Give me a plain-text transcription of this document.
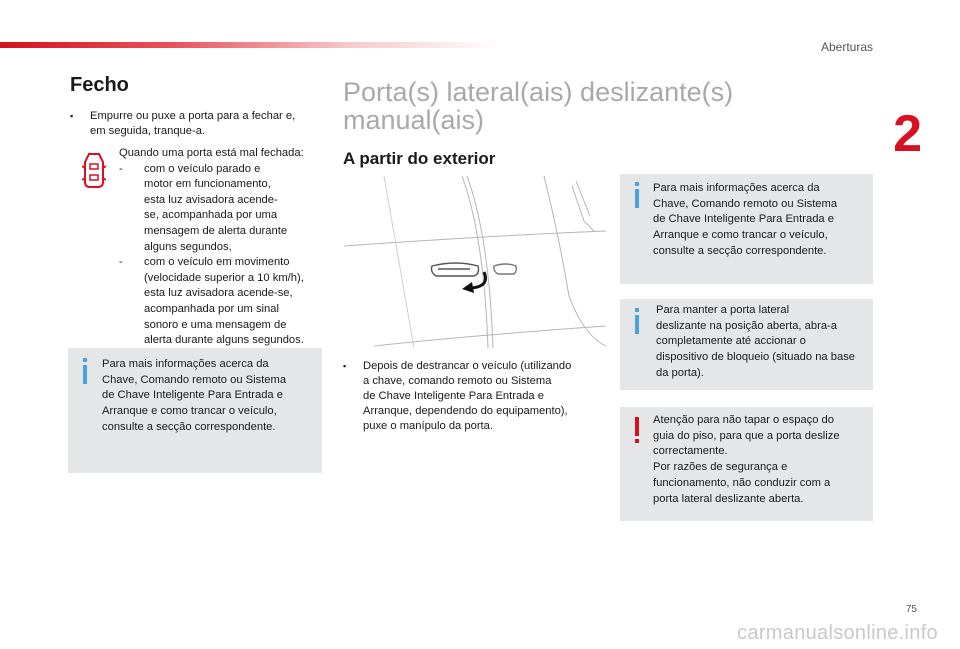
Aberturas
2
Fecho
▪ Empurre ou puxe a porta para a fechar e,
em seguida, tranque-a.
Quando uma porta está mal fechada:
- com o veículo parado e
motor em funcionamento,
esta luz avisadora acende-
se, acompanhada por uma
mensagem de alerta durante
alguns segundos,
- com o veículo em movimento
(velocidade superior a 10 km/h),
esta luz avisadora acende-se,
acompanhada por um sinal
sonoro e uma mensagem de
alerta durante alguns segundos.
Para mais informações acerca da
Chave, Comando remoto ou Sistema
de Chave Inteligente Para Entrada e
Arranque e como trancar o veículo,
consulte a secção correspondente.
Porta(s) lateral(ais) deslizante(s)
manual(ais)
A partir do exterior
▪ Depois de destrancar o veículo (utilizando
a chave, comando remoto ou Sistema
de Chave Inteligente Para Entrada e
Arranque, dependendo do equipamento),
puxe o manípulo da porta.
Para mais informações acerca da
Chave, Comando remoto ou Sistema
de Chave Inteligente Para Entrada e
Arranque e como trancar o veículo,
consulte a secção correspondente.
Para manter a porta lateral
deslizante na posição aberta, abra-a
completamente até accionar o
dispositivo de bloqueio (situado na base
da porta).
Atenção para não tapar o espaço do
guia do piso, para que a porta deslize
correctamente.
Por razões de segurança e
funcionamento, não conduzir com a
porta lateral deslizante aberta.
75
carmanualsonline.info
